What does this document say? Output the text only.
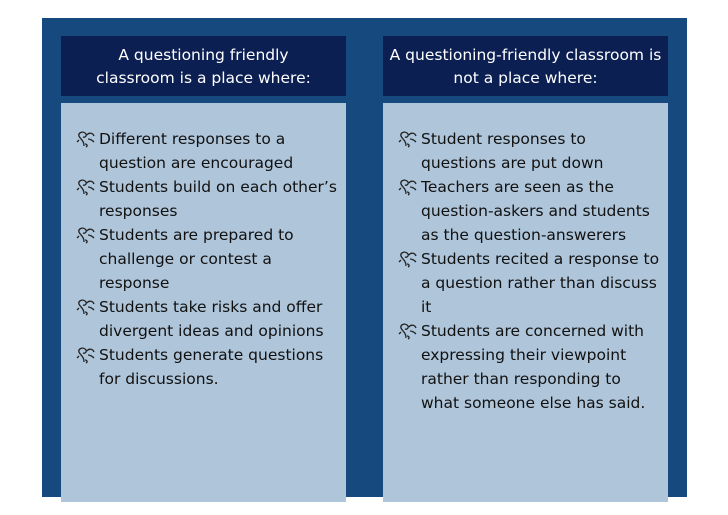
A questioning friendly classroom is a place where:
A questioning-friendly classroom is not a place where:
Different responses to a question are encouraged
Students build on each other’s responses
Students are prepared to challenge or contest a response
Students take risks and offer divergent ideas and opinions
Students generate questions for discussions.
Student responses to questions are put down
Teachers are seen as the question-askers and students as the question-answerers
Students recited a response to a question rather than discuss it
Students are concerned with expressing their viewpoint rather than responding to what someone else has said.
